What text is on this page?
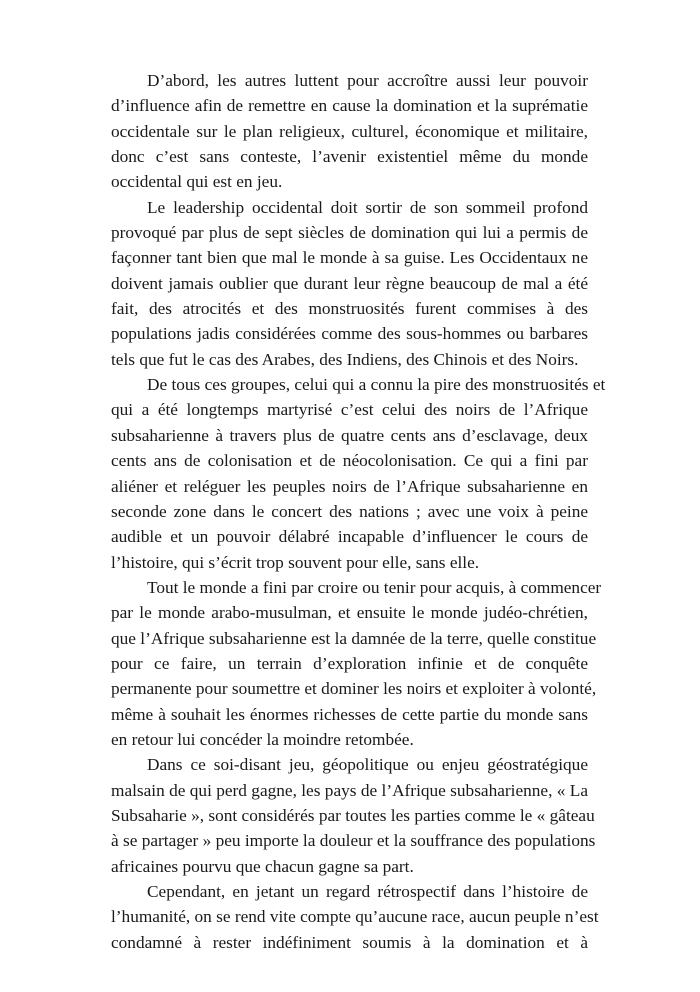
D’abord, les autres luttent pour accroître aussi leur pouvoir
d’influence afin de remettre en cause la domination et la suprématie
occidentale sur le plan religieux, culturel, économique et militaire,
donc c’est sans conteste, l’avenir existentiel même du monde
occidental qui est en jeu.
Le leadership occidental doit sortir de son sommeil profond
provoqué par plus de sept siècles de domination qui lui a permis de
façonner tant bien que mal le monde à sa guise. Les Occidentaux ne
doivent jamais oublier que durant leur règne beaucoup de mal a été
fait, des atrocités et des monstruosités furent commises à des
populations jadis considérées comme des sous-hommes ou barbares
tels que fut le cas des Arabes, des Indiens, des Chinois et des Noirs.
De tous ces groupes, celui qui a connu la pire des monstruosités et
qui a été longtemps martyrisé c’est celui des noirs de l’Afrique
subsaharienne à travers plus de quatre cents ans d’esclavage, deux
cents ans de colonisation et de néocolonisation. Ce qui a fini par
aliéner et reléguer les peuples noirs de l’Afrique subsaharienne en
seconde zone dans le concert des nations ; avec une voix à peine
audible et un pouvoir délabré incapable d’influencer le cours de
l’histoire, qui s’écrit trop souvent pour elle, sans elle.
Tout le monde a fini par croire ou tenir pour acquis, à commencer
par le monde arabo-musulman, et ensuite le monde judéo-chrétien,
que l’Afrique subsaharienne est la damnée de la terre, quelle constitue
pour ce faire, un terrain d’exploration infinie et de conquête
permanente pour soumettre et dominer les noirs et exploiter à volonté,
même à souhait les énormes richesses de cette partie du monde sans
en retour lui concéder la moindre retombée.
Dans ce soi-disant jeu, géopolitique ou enjeu géostratégique
malsain de qui perd gagne, les pays de l’Afrique subsaharienne, « La
Subsaharie », sont considérés par toutes les parties comme le « gâteau
à se partager » peu importe la douleur et la souffrance des populations
africaines pourvu que chacun gagne sa part.
Cependant, en jetant un regard rétrospectif dans l’histoire de
l’humanité, on se rend vite compte qu’aucune race, aucun peuple n’est
condamné à rester indéfiniment soumis à la domination et à
